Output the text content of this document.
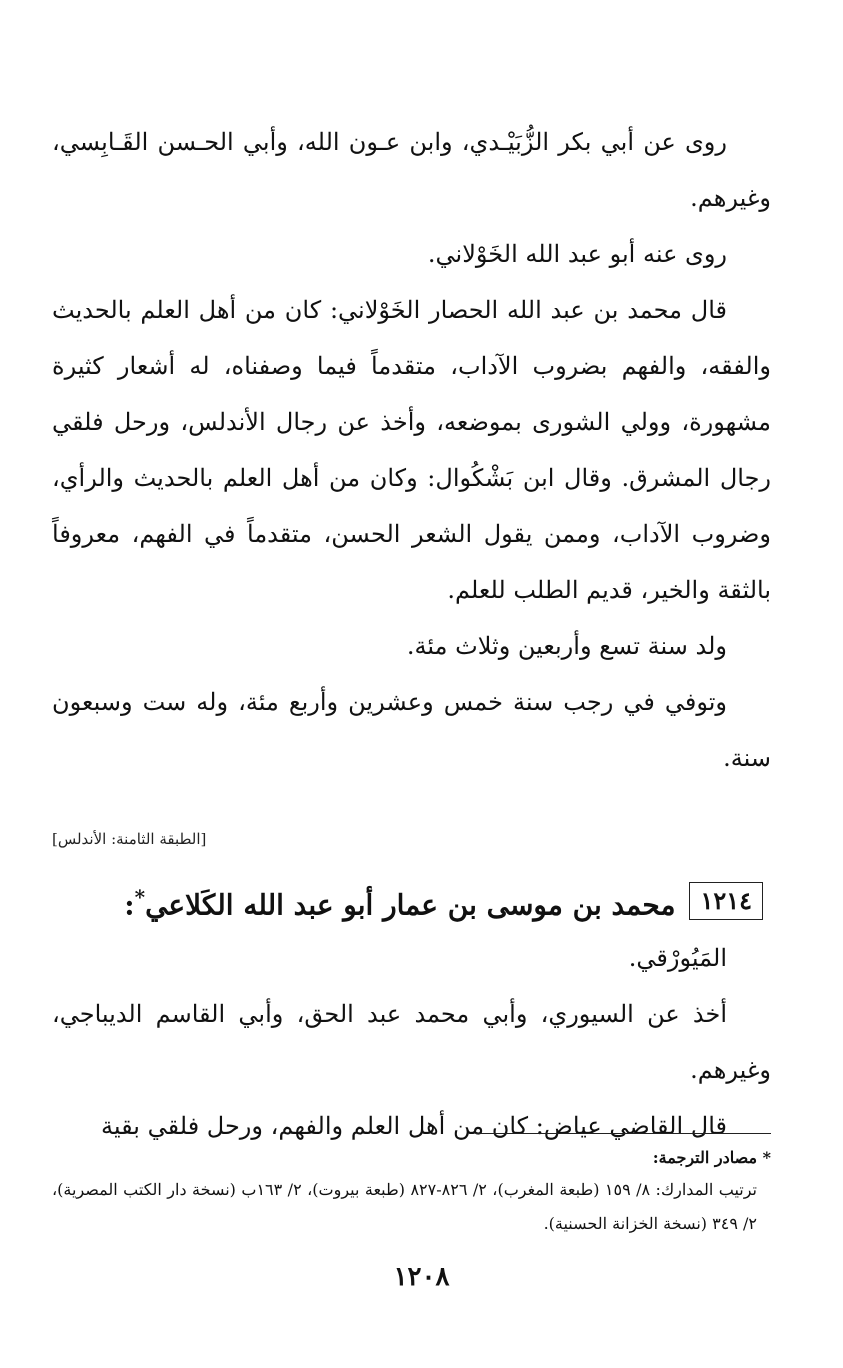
روى عن أبي بكر الزُّبَيْـدي، وابن عـون الله، وأبي الحـسن القَـابِسي، وغيرهم.

روى عنه أبو عبد الله الخَوْلاني.

قال محمد بن عبد الله الحصار الخَوْلاني: كان من أهل العلم بالحديث والفقه، والفهم بضروب الآداب، متقدماً فيما وصفناه، له أشعار كثيرة مشهورة، وولي الشورى بموضعه، وأخذ عن رجال الأندلس، ورحل فلقي رجال المشرق. وقال ابن بَشْكُوال: وكان من أهل العلم بالحديث والرأي، وضروب الآداب، وممن يقول الشعر الحسن، متقدماً في الفهم، معروفاً بالثقة والخير، قديم الطلب للعلم.

ولد سنة تسع وأربعين وثلاث مئة.

وتوفي في رجب سنة خمس وعشرين وأربع مئة، وله ست وسبعون سنة.

[الطبقة الثامنة: الأندلس]
١٢١٤
محمد بن موسى بن عمار أبو عبد الله الكَلاعي*:

المَيُورْقي.

أخذ عن السيوري، وأبي محمد عبد الحق، وأبي القاسم الديباجي، وغيرهم.

قال القاضي عياض: كان من أهل العلم والفهم، ورحل فلقي بقية

* مصادر الترجمة:

ترتيب المدارك: ٨/ ١٥٩ (طبعة المغرب)، ٢/ ٨٢٦-٨٢٧ (طبعة بيروت)، ٢/ ١٦٣ب (نسخة دار الكتب المصرية)، ٢/ ٣٤٩ (نسخة الخزانة الحسنية).

١٢٠٨
